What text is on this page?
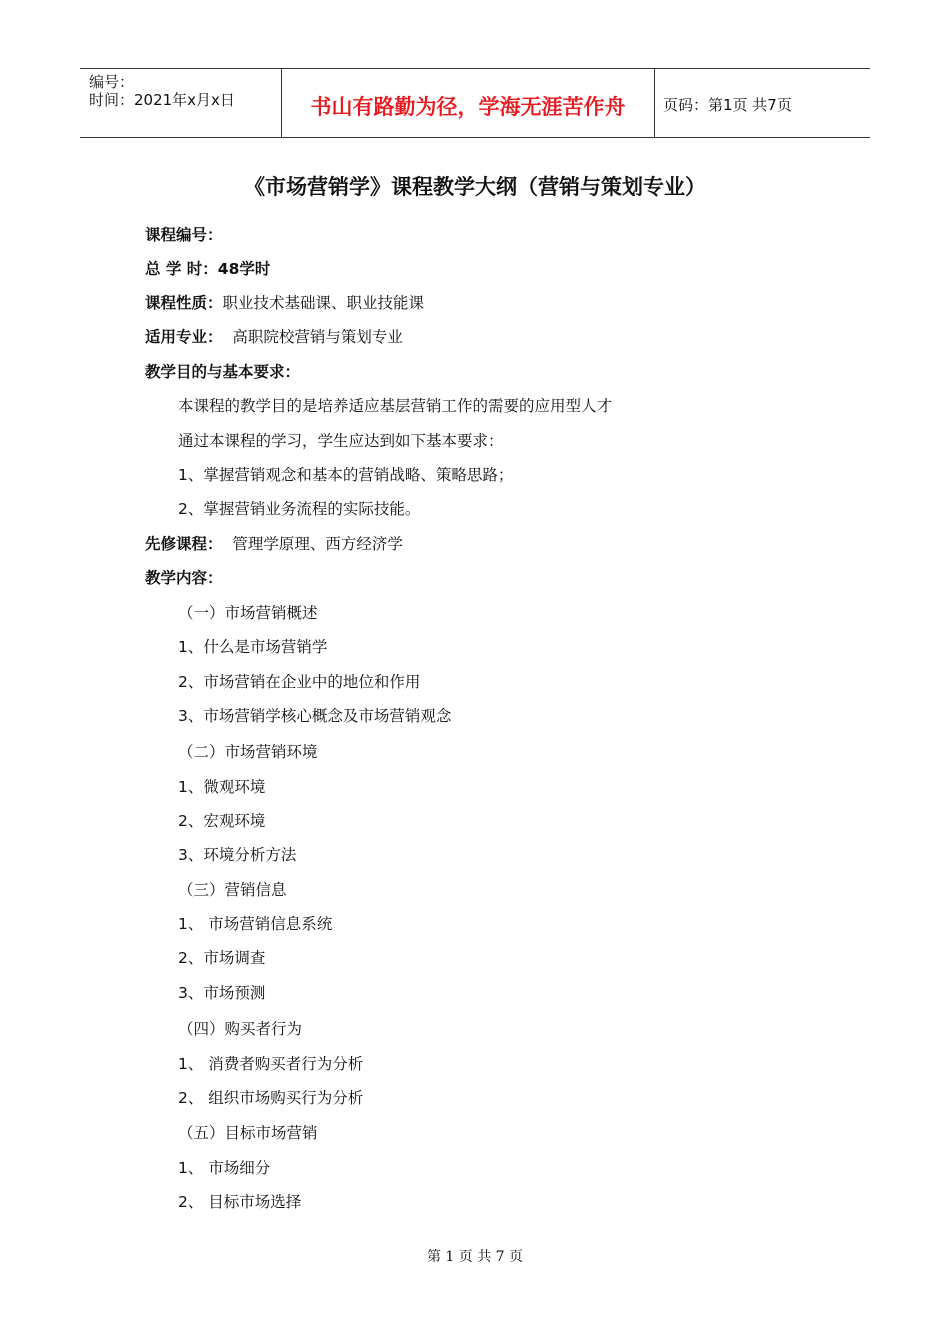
编号：
时间：2021年x月x日	书山有路勤为径，学海无涯苦作舟	页码：第1页 共7页
《市场营销学》课程教学大纲（营销与策划专业）
课程编号：
总 学 时：48学时
课程性质：职业技术基础课、职业技能课
适用专业：  高职院校营销与策划专业
教学目的与基本要求：
本课程的教学目的是培养适应基层营销工作的需要的应用型人才
通过本课程的学习，学生应达到如下基本要求：
1、掌握营销观念和基本的营销战略、策略思路；
2、掌握营销业务流程的实际技能。
先修课程：  管理学原理、西方经济学
教学内容：
（一）市场营销概述
1、什么是市场营销学
2、市场营销在企业中的地位和作用
3、市场营销学核心概念及市场营销观念
（二）市场营销环境
1、微观环境
2、宏观环境
3、环境分析方法
（三）营销信息
1、 市场营销信息系统
2、市场调查
3、市场预测
（四）购买者行为
1、 消费者购买者行为分析
2、 组织市场购买行为分析
（五）目标市场营销
1、 市场细分
2、 目标市场选择
第 1 页 共 7 页
